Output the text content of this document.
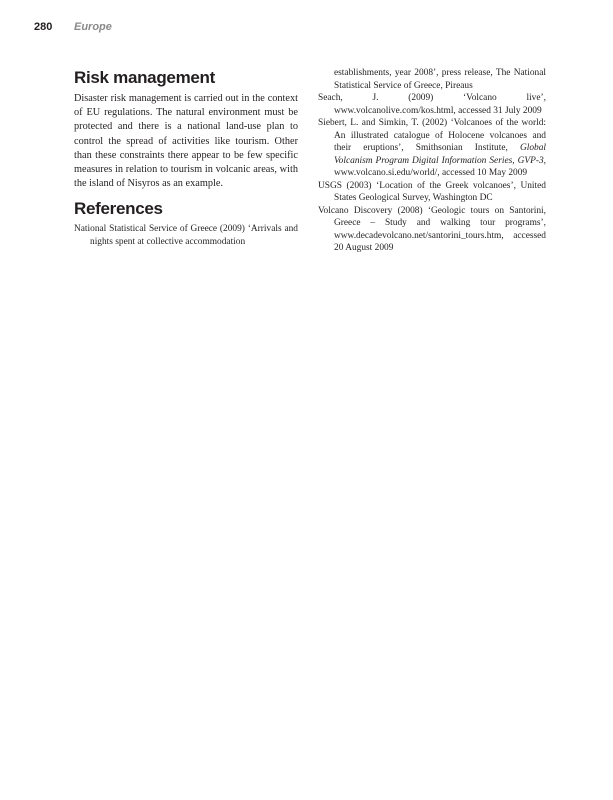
280 Europe
Risk management

Disaster risk management is carried out in the context of EU regulations. The natural environment must be protected and there is a national land-use plan to control the spread of activities like tourism. Other than these constraints there appear to be few specific measures in relation to tourism in volcanic areas, with the island of Nisyros as an example.

References

National Statistical Service of Greece (2009) ‘Arrivals and nights spent at collective accommodation

establishments, year 2008’, press release, The National Statistical Service of Greece, Pireaus

Seach, J. (2009) ‘Volcano live’, www.volcanolive.com/kos.html, accessed 31 July 2009

Siebert, L. and Simkin, T. (2002) ‘Volcanoes of the world: An illustrated catalogue of Holocene volcanoes and their eruptions’, Smithsonian Institute, Global Volcanism Program Digital Information Series, GVP-3, www.volcano.si.edu/world/, accessed 10 May 2009

USGS (2003) ‘Location of the Greek volcanoes’, United States Geological Survey, Washington DC

Volcano Discovery (2008) ‘Geologic tours on Santorini, Greece – Study and walking tour programs’, www.decadevolcano.net/santorini_tours.htm, accessed 20 August 2009
